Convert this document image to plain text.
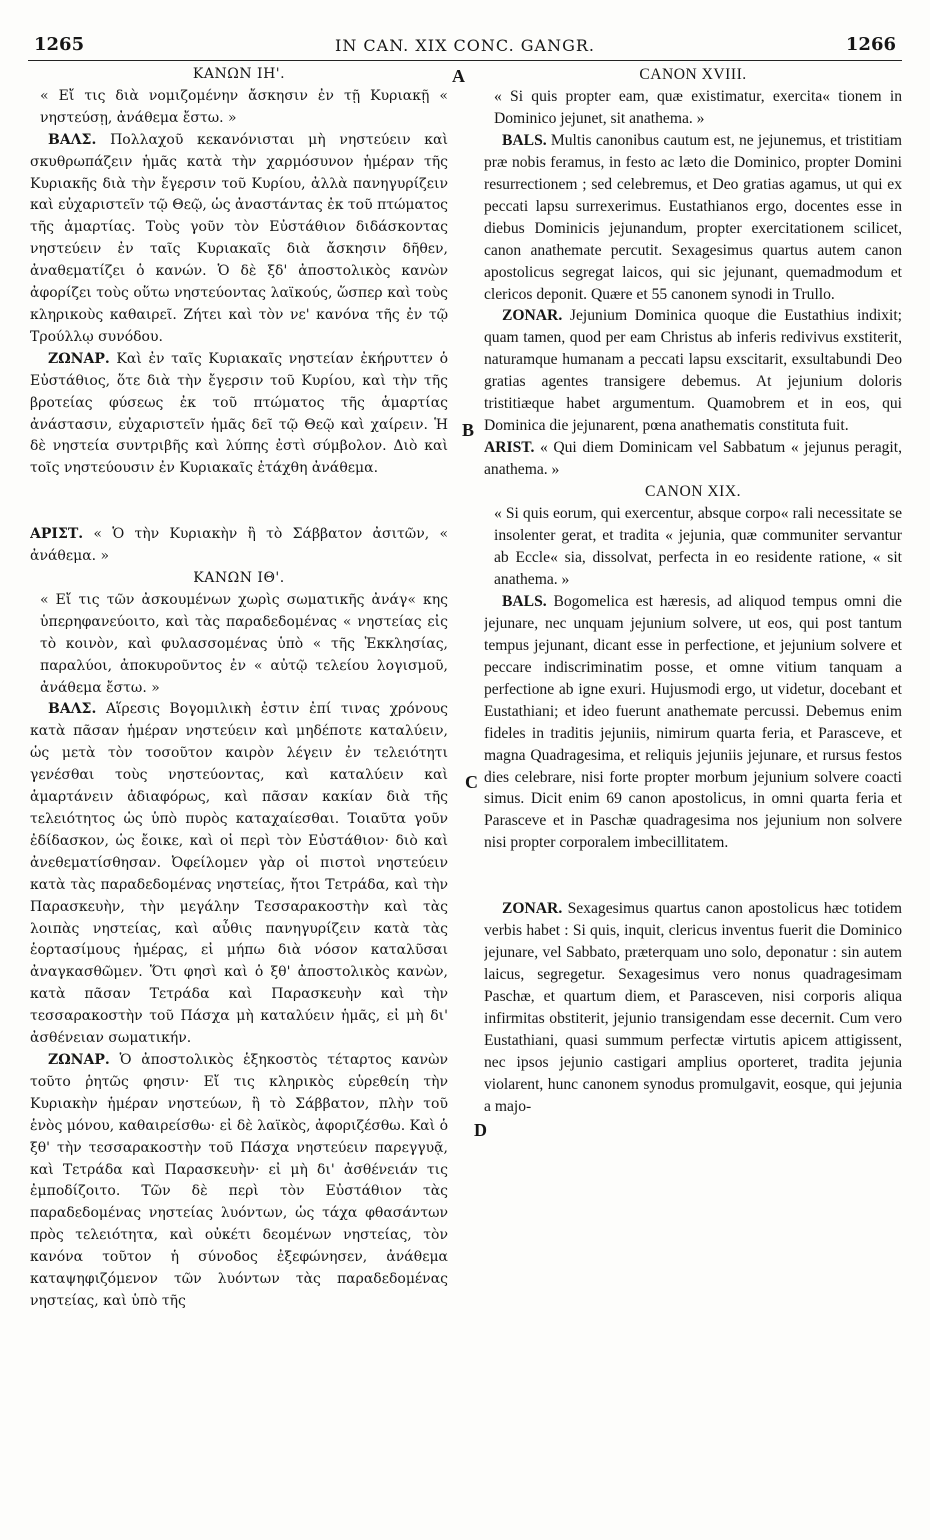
1265	IN CAN. XIX CONC. GANGR.	1266
A
B
C
D

ΚΑΝΩΝ ΙΗ'.

« Εἴ τις διὰ νομιζομένην ἄσκησιν ἐν τῇ Κυριακῇ « νηστεύσῃ, ἀνάθεμα ἔστω. »

ΒΑΛΣ. Πολλαχοῦ κεκανόνισται μὴ νηστεύειν καὶ σκυθρωπάζειν ἡμᾶς κατὰ τὴν χαρμόσυνον ἡμέραν τῆς Κυριακῆς διὰ τὴν ἔγερσιν τοῦ Κυρίου, ἀλλὰ πανηγυρίζειν καὶ εὐχαριστεῖν τῷ Θεῷ, ὡς ἀναστάντας ἐκ τοῦ πτώματος τῆς ἁμαρτίας. Τοὺς γοῦν τὸν Εὐστάθιον διδάσκοντας νηστεύειν ἐν ταῖς Κυριακαῖς διὰ ἄσκησιν δῆθεν, ἀναθεματίζει ὁ κανών. Ὁ δὲ ξδ' ἀποστολικὸς κανὼν ἀφορίζει τοὺς οὕτω νηστεύοντας λαϊκούς, ὥσπερ καὶ τοὺς κληρικοὺς καθαιρεῖ. Ζήτει καὶ τὸν νε' κανόνα τῆς ἐν τῷ Τρούλλῳ συνόδου.

ΖΩΝΑΡ. Καὶ ἐν ταῖς Κυριακαῖς νηστείαν ἐκήρυττεν ὁ Εὐστάθιος, ὅτε διὰ τὴν ἔγερσιν τοῦ Κυρίου, καὶ τὴν τῆς βροτείας φύσεως ἐκ τοῦ πτώματος τῆς ἁμαρτίας ἀνάστασιν, εὐχαριστεῖν ἡμᾶς δεῖ τῷ Θεῷ καὶ χαίρειν. Ἡ δὲ νηστεία συντριβῆς καὶ λύπης ἐστὶ σύμβολον. Διὸ καὶ τοῖς νηστεύουσιν ἐν Κυριακαῖς ἐτάχθη ἀνάθεμα.

ΑΡΙΣΤ. « Ὁ τὴν Κυριακὴν ἢ τὸ Σάββατον ἀσιτῶν, « ἀνάθεμα. »

ΚΑΝΩΝ ΙΘ'.

« Εἴ τις τῶν ἀσκουμένων χωρὶς σωματικῆς ἀνάγ« κης ὑπερηφανεύοιτο, καὶ τὰς παραδεδομένας « νηστείας εἰς τὸ κοινὸν, καὶ φυλασσομένας ὑπὸ « τῆς Ἐκκλησίας, παραλύοι, ἀποκυροῦντος ἐν « αὐτῷ τελείου λογισμοῦ, ἀνάθεμα ἔστω. »

ΒΑΛΣ. Αἵρεσις Βογομιλικὴ ἐστιν ἐπί τινας χρόνους κατὰ πᾶσαν ἡμέραν νηστεύειν καὶ μηδέποτε καταλύειν, ὡς μετὰ τὸν τοσοῦτον καιρὸν λέγειν ἐν τελειότητι γενέσθαι τοὺς νηστεύοντας, καὶ καταλύειν καὶ ἁμαρτάνειν ἀδιαφόρως, καὶ πᾶσαν κακίαν διὰ τῆς τελειότητος ὡς ὑπὸ πυρὸς καταχαίεσθαι. Τοιαῦτα γοῦν ἐδίδασκον, ὡς ἔοικε, καὶ οἱ περὶ τὸν Εὐστάθιον· διὸ καὶ ἀνεθεματίσθησαν. Ὀφείλομεν γὰρ οἱ πιστοὶ νηστεύειν κατὰ τὰς παραδεδομένας νηστείας, ἤτοι Τετράδα, καὶ τὴν Παρασκευὴν, τὴν μεγάλην Τεσσαρακοστὴν καὶ τὰς λοιπὰς νηστείας, καὶ αὖθις πανηγυρίζειν κατὰ τὰς ἑορτασίμους ἡμέρας, εἰ μήπω διὰ νόσον καταλῦσαι ἀναγκασθῶμεν. Ὅτι φησὶ καὶ ὁ ξθ' ἀποστολικὸς κανὼν, κατὰ πᾶσαν Τετράδα καὶ Παρασκευὴν καὶ τὴν τεσσαρακοστὴν τοῦ Πάσχα μὴ καταλύειν ἡμᾶς, εἰ μὴ δι' ἀσθένειαν σωματικήν.

ΖΩΝΑΡ. Ὁ ἀποστολικὸς ἑξηκοστὸς τέταρτος κανὼν τοῦτο ῥητῶς φησιν· Εἴ τις κληρικὸς εὑρεθείη τὴν Κυριακὴν ἡμέραν νηστεύων, ἢ τὸ Σάββατον, πλὴν τοῦ ἑνὸς μόνου, καθαιρείσθω· εἰ δὲ λαϊκὸς, ἀφοριζέσθω. Καὶ ὁ ξθ' τὴν τεσσαρακοστὴν τοῦ Πάσχα νηστεύειν παρεγγυᾷ, καὶ Τετράδα καὶ Παρασκευὴν· εἰ μὴ δι' ἀσθένειάν τις ἐμποδίζοιτο. Τῶν δὲ περὶ τὸν Εὐστάθιον τὰς παραδεδομένας νηστείας λυόντων, ὡς τάχα φθασάντων πρὸς τελειότητα, καὶ οὐκέτι δεομένων νηστείας, τὸν κανόνα τοῦτον ἡ σύνοδος ἐξεφώνησεν, ἀνάθεμα καταψηφιζόμενον τῶν λυόντων τὰς παραδεδομένας νηστείας, καὶ ὑπὸ τῆς

CANON XVIII.

« Si quis propter eam, quæ existimatur, exercita« tionem in Dominico jejunet, sit anathema. »

BALS. Multis canonibus cautum est, ne jejunemus, et tristitiam præ nobis feramus, in festo ac læto die Dominico, propter Domini resurrectionem ; sed celebremus, et Deo gratias agamus, ut qui ex peccati lapsu surrexerimus. Eustathianos ergo, docentes esse in diebus Dominicis jejunandum, propter exercitationem scilicet, canon anathemate percutit. Sexagesimus quartus autem canon apostolicus segregat laicos, qui sic jejunant, quemadmodum et clericos deponit. Quære et 55 canonem synodi in Trullo.

ZONAR. Jejunium Dominica quoque die Eustathius indixit; quam tamen, quod per eam Christus ab inferis redivivus exstiterit, naturamque humanam a peccati lapsu exscitarit, exsultabundi Deo gratias agentes transigere debemus. At jejunium doloris tristitiæque habet argumentum. Quamobrem et in eos, qui Dominica die jejunarent, pœna anathematis constituta fuit.

ARIST. « Qui diem Dominicam vel Sabbatum « jejunus peragit, anathema. »

CANON XIX.

« Si quis eorum, qui exercentur, absque corpo« rali necessitate se insolenter gerat, et tradita « jejunia, quæ communiter servantur ab Eccle« sia, dissolvat, perfecta in eo residente ratione, « sit anathema. »

BALS. Bogomelica est hæresis, ad aliquod tempus omni die jejunare, nec unquam jejunium solvere, ut eos, qui post tantum tempus jejunant, dicant esse in perfectione, et jejunium solvere et peccare indiscriminatim posse, et omne vitium tanquam a perfectione ab igne exuri. Hujusmodi ergo, ut videtur, docebant et Eustathiani; et ideo fuerunt anathemate percussi. Debemus enim fideles in traditis jejuniis, nimirum quarta feria, et Parasceve, et magna Quadragesima, et reliquis jejuniis jejunare, et rursus festos dies celebrare, nisi forte propter morbum jejunium solvere coacti simus. Dicit enim 69 canon apostolicus, in omni quarta feria et Parasceve et in Paschæ quadragesima nos jejunium non solvere nisi propter corporalem imbecillitatem.

ZONAR. Sexagesimus quartus canon apostolicus hæc totidem verbis habet : Si quis, inquit, clericus inventus fuerit die Dominico jejunare, vel Sabbato, præterquam uno solo, deponatur : sin autem laicus, segregetur. Sexagesimus vero nonus quadragesimam Paschæ, et quartum diem, et Parasceven, nisi corporis aliqua infirmitas obstiterit, jejunio transigendam esse decernit. Cum vero Eustathiani, quasi summum perfectæ virtutis apicem attigissent, nec ipsos jejunio castigari amplius oporteret, tradita jejunia violarent, hunc canonem synodus promulgavit, eosque, qui jejunia a majo-
